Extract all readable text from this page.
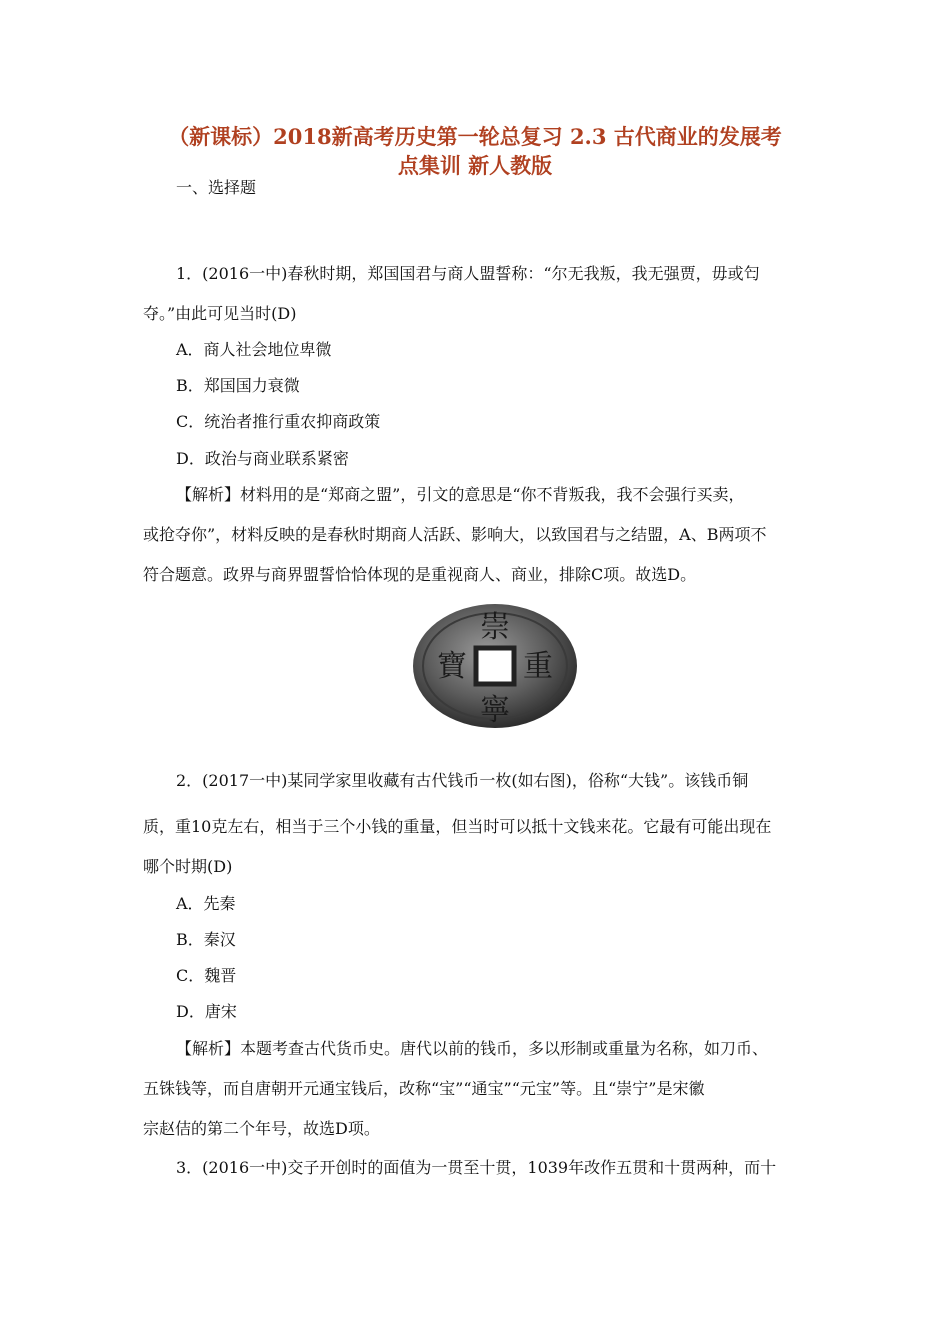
（新课标）2018新高考历史第一轮总复习 2.3 古代商业的发展考
点集训 新人教版
一、选择题
1．(2016一中)春秋时期，郑国国君与商人盟誓称：“尔无我叛，我无强贾，毋或匄
夺。”由此可见当时(D)
A．商人社会地位卑微
B．郑国国力衰微
C．统治者推行重农抑商政策
D．政治与商业联系紧密
【解析】材料用的是“郑商之盟”，引文的意思是“你不背叛我，我不会强行买卖，
或抢夺你”，材料反映的是春秋时期商人活跃、影响大，以致国君与之结盟，A、B两项不
符合题意。政界与商界盟誓恰恰体现的是重视商人、商业，排除C项。故选D。
崇
重
寧
寶
2．(2017一中)某同学家里收藏有古代钱币一枚(如右图)，俗称“大钱”。该钱币铜
质，重10克左右，相当于三个小钱的重量，但当时可以抵十文钱来花。它最有可能出现在
哪个时期(D)
A．先秦
B．秦汉
C．魏晋
D．唐宋
【解析】本题考查古代货币史。唐代以前的钱币，多以形制或重量为名称，如刀币、
五铢钱等，而自唐朝开元通宝钱后，改称“宝”“通宝”“元宝”等。且“崇宁”是宋徽
宗赵佶的第二个年号，故选D项。
3．(2016一中)交子开创时的面值为一贯至十贯，1039年改作五贯和十贯两种，而十
